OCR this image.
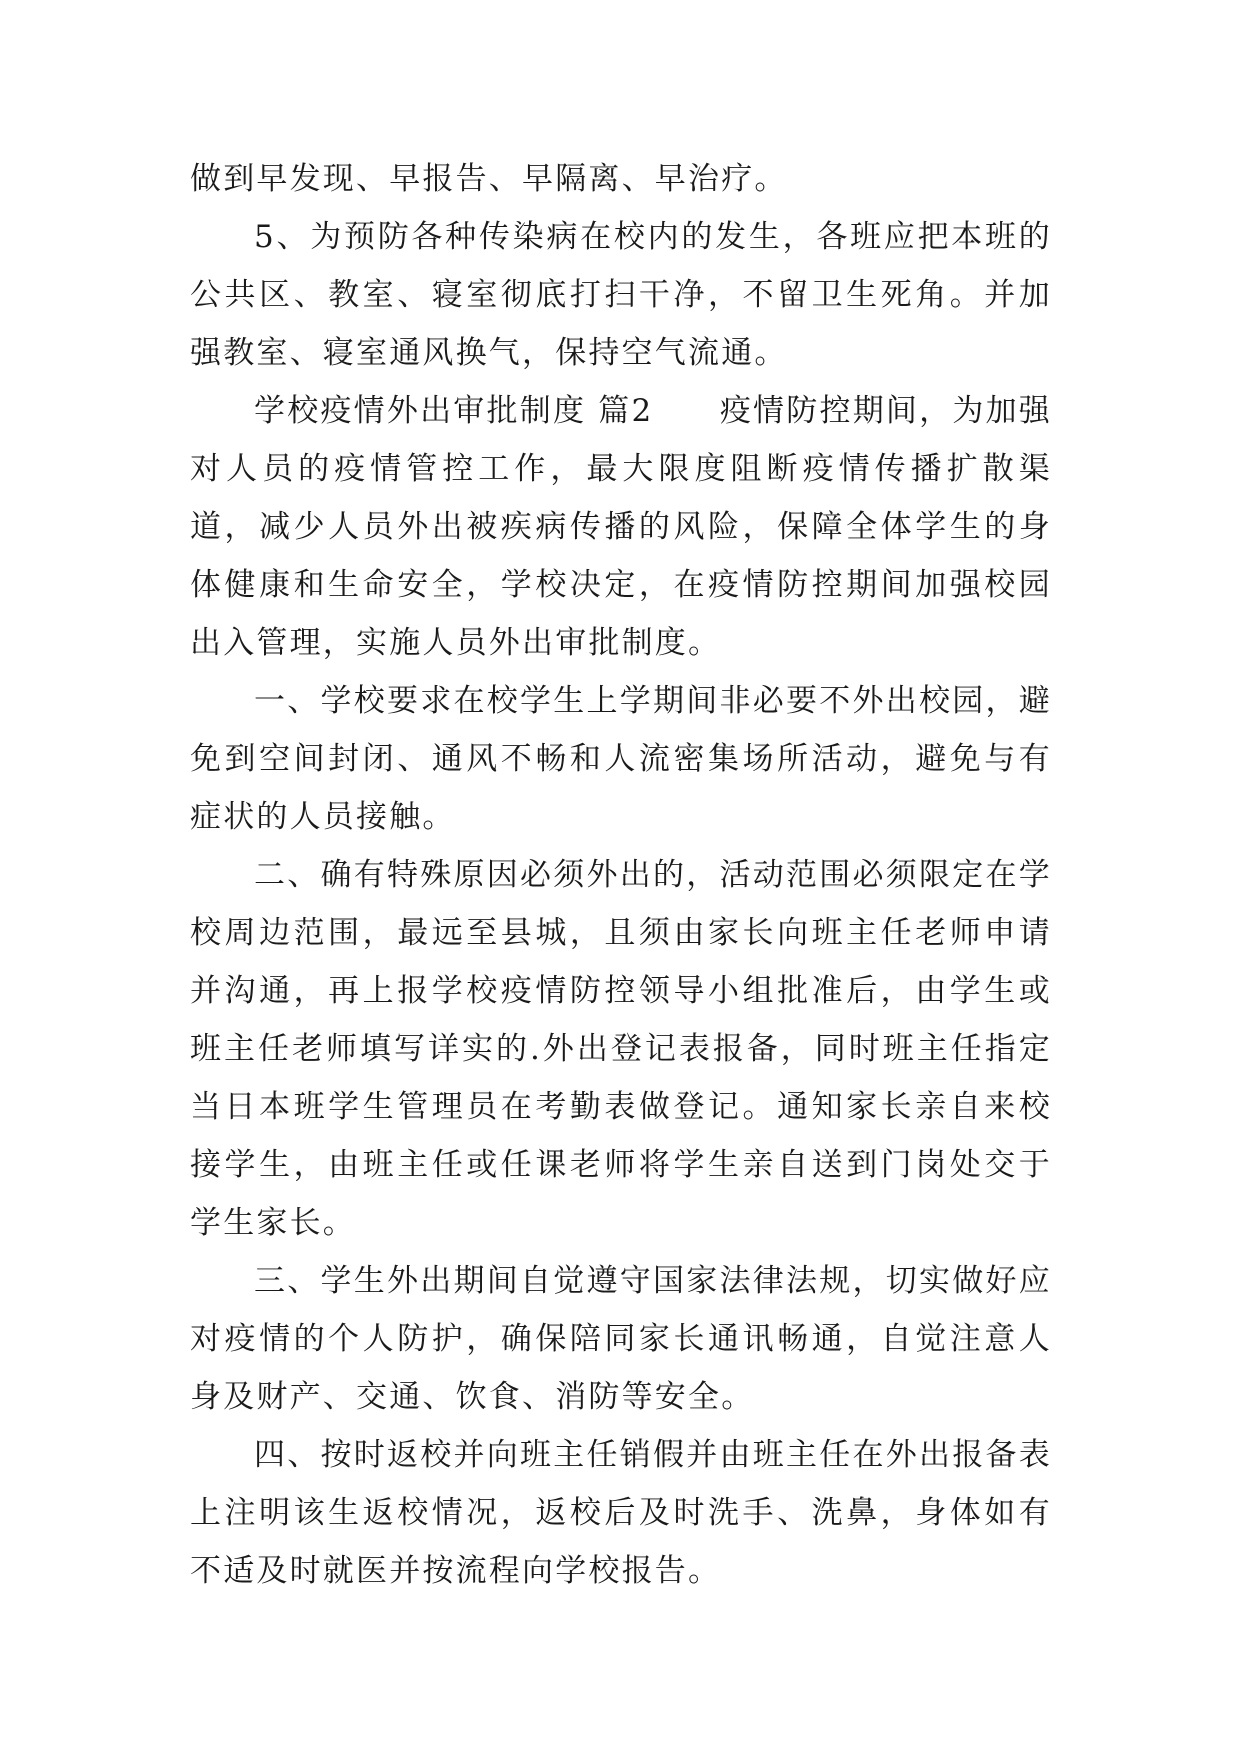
做到早发现、早报告、早隔离、早治疗。

5、为预防各种传染病在校内的发生，各班应把本班的公共区、教室、寝室彻底打扫干净，不留卫生死角。并加强教室、寝室通风换气，保持空气流通。

学校疫情外出审批制度 篇2　　疫情防控期间，为加强对人员的疫情管控工作，最大限度阻断疫情传播扩散渠道，减少人员外出被疾病传播的风险，保障全体学生的身体健康和生命安全，学校决定，在疫情防控期间加强校园出入管理，实施人员外出审批制度。

一、学校要求在校学生上学期间非必要不外出校园，避免到空间封闭、通风不畅和人流密集场所活动，避免与有症状的人员接触。

二、确有特殊原因必须外出的，活动范围必须限定在学校周边范围，最远至县城，且须由家长向班主任老师申请并沟通，再上报学校疫情防控领导小组批准后，由学生或班主任老师填写详实的.外出登记表报备，同时班主任指定当日本班学生管理员在考勤表做登记。通知家长亲自来校接学生，由班主任或任课老师将学生亲自送到门岗处交于学生家长。

三、学生外出期间自觉遵守国家法律法规，切实做好应对疫情的个人防护，确保陪同家长通讯畅通，自觉注意人身及财产、交通、饮食、消防等安全。

四、按时返校并向班主任销假并由班主任在外出报备表上注明该生返校情况，返校后及时洗手、洗鼻，身体如有不适及时就医并按流程向学校报告。
